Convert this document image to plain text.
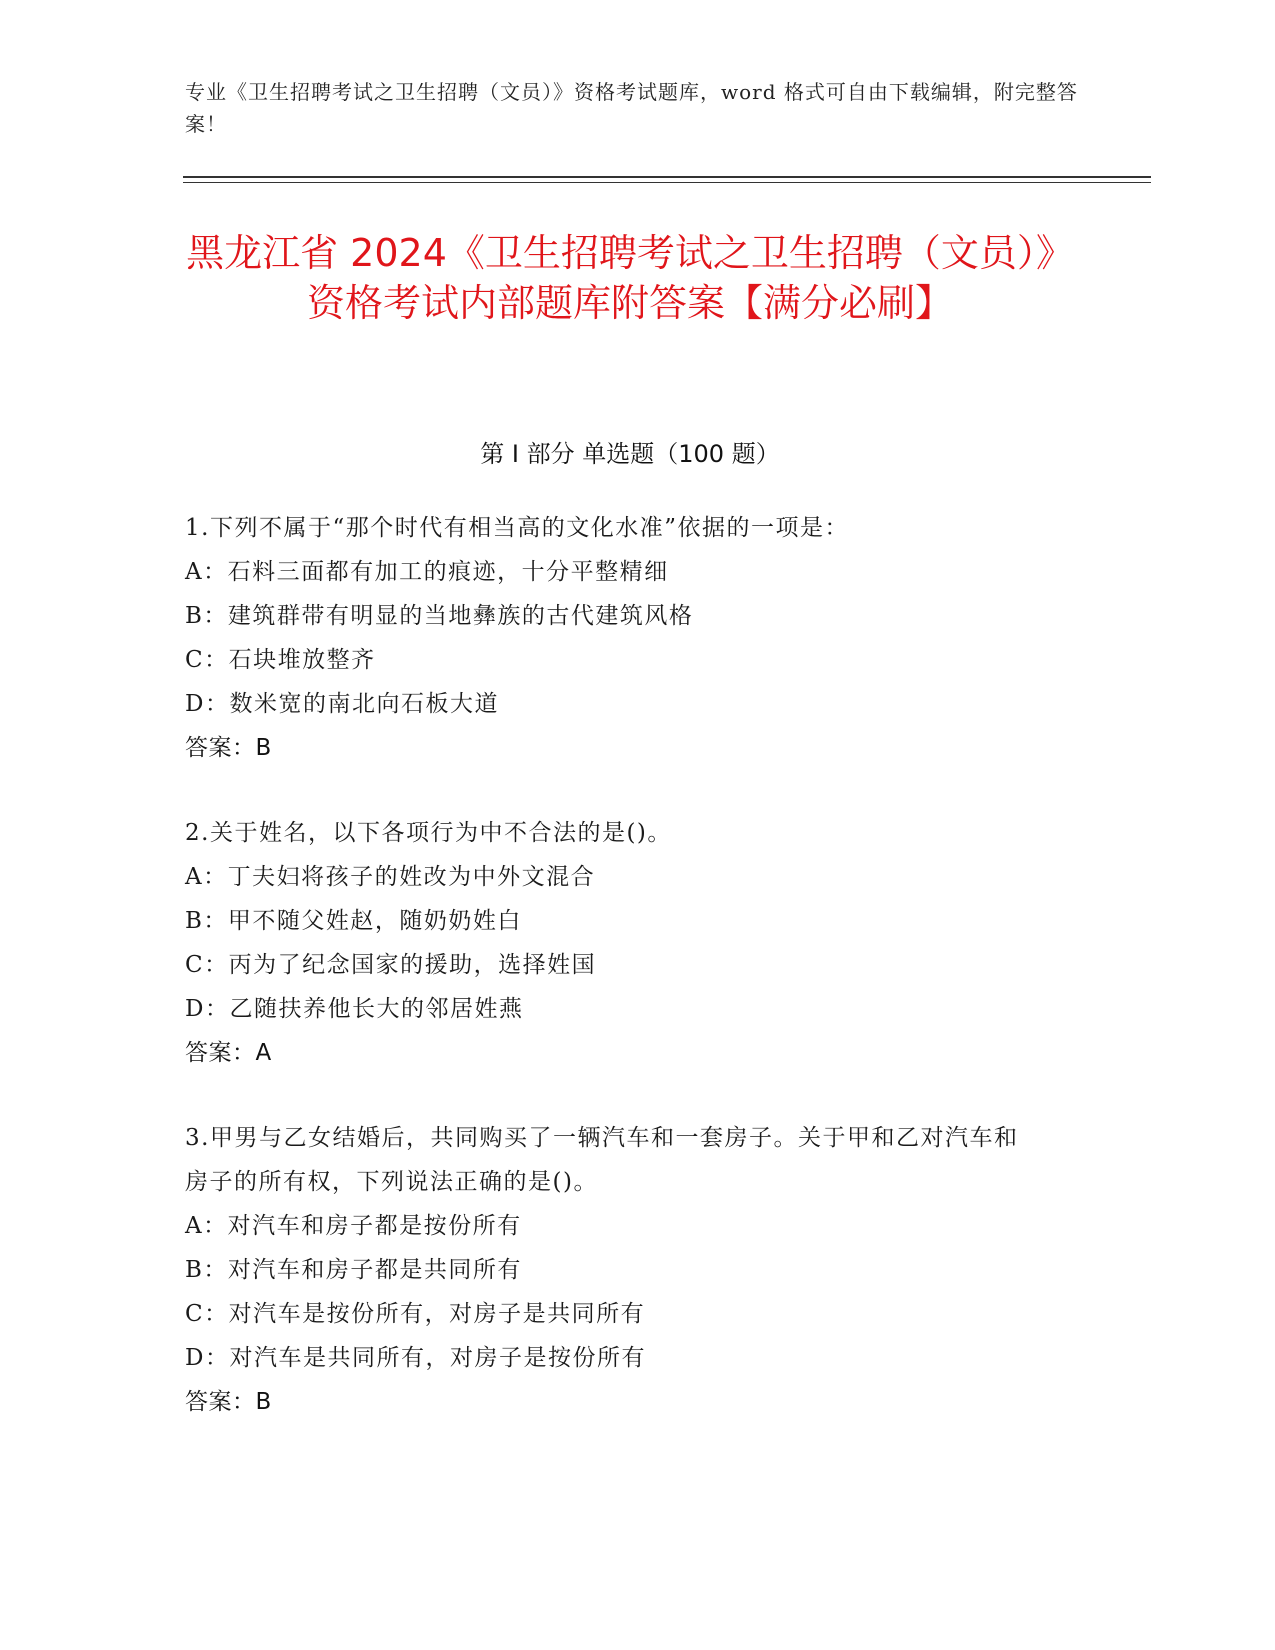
专业《卫生招聘考试之卫生招聘（文员）》资格考试题库，word 格式可自由下载编辑，附完整答案！
黑龙江省 2024《卫生招聘考试之卫生招聘（文员）》资格考试内部题库附答案【满分必刷】
第 I 部分 单选题（100 题）
1.下列不属于“那个时代有相当高的文化水准”依据的一项是：
A：石料三面都有加工的痕迹，十分平整精细
B：建筑群带有明显的当地彝族的古代建筑风格
C：石块堆放整齐
D：数米宽的南北向石板大道
答案：B
2.关于姓名，以下各项行为中不合法的是()。
A：丁夫妇将孩子的姓改为中外文混合
B：甲不随父姓赵，随奶奶姓白
C：丙为了纪念国家的援助，选择姓国
D：乙随扶养他长大的邻居姓燕
答案：A
3.甲男与乙女结婚后，共同购买了一辆汽车和一套房子。关于甲和乙对汽车和房子的所有权，下列说法正确的是()。
A：对汽车和房子都是按份所有
B：对汽车和房子都是共同所有
C：对汽车是按份所有，对房子是共同所有
D：对汽车是共同所有，对房子是按份所有
答案：B
